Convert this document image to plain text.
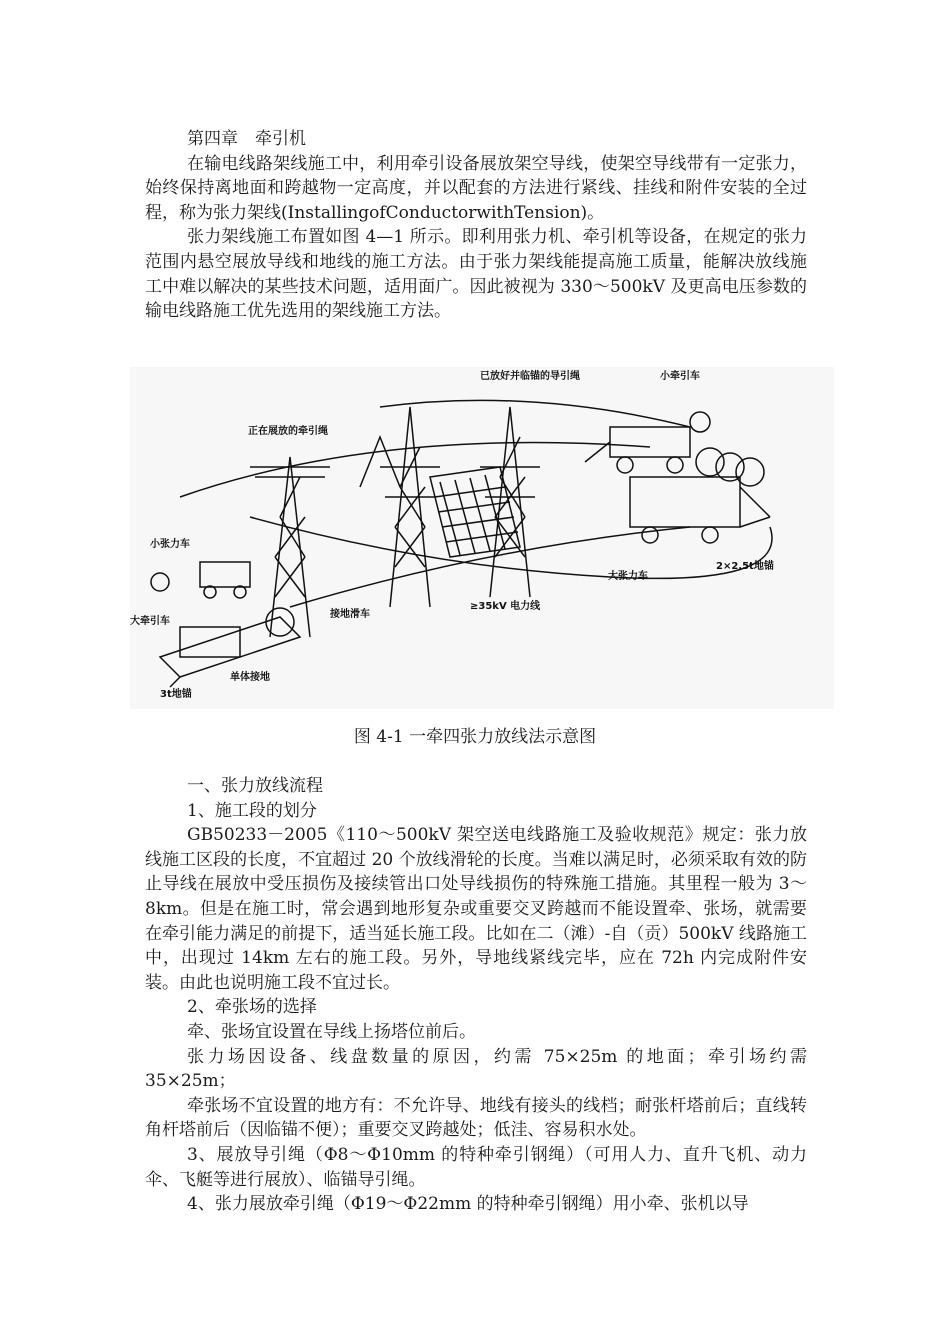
第四章　牵引机

在输电线路架线施工中，利用牵引设备展放架空导线，使架空导线带有一定张力，始终保持离地面和跨越物一定高度，并以配套的方法进行紧线、挂线和附件安装的全过程，称为张力架线(InstallingofConductorwithTension)。

张力架线施工布置如图 4—1 所示。即利用张力机、牵引机等设备，在规定的张力范围内悬空展放导线和地线的施工方法。由于张力架线能提高施工质量，能解决放线施工中难以解决的某些技术问题，适用面广。因此被视为 330～500kV 及更高电压参数的输电线路施工优先选用的架线施工方法。

已放好并临锚的导引绳	小牵引车
正在展放的牵引绳
小张力车
大牵引车
接地滑车
≥35kV 电力线
大张力车
2×2.5t地锚
单体接地
3t地锚
图 4-1 一牵四张力放线法示意图

一、张力放线流程

1、施工段的划分

GB50233－2005《110～500kV 架空送电线路施工及验收规范》规定：张力放线施工区段的长度，不宜超过 20 个放线滑轮的长度。当难以满足时，必须采取有效的防止导线在展放中受压损伤及接续管出口处导线损伤的特殊施工措施。其里程一般为 3～8km。但是在施工时，常会遇到地形复杂或重要交叉跨越而不能设置牵、张场，就需要在牵引能力满足的前提下，适当延长施工段。比如在二（滩）-自（贡）500kV 线路施工中，出现过 14km 左右的施工段。另外，导地线紧线完毕，应在 72h 内完成附件安装。由此也说明施工段不宜过长。

2、牵张场的选择

牵、张场宜设置在导线上扬塔位前后。

张力场因设备、线盘数量的原因，约需 75×25m 的地面；牵引场约需 35×25m；

牵张场不宜设置的地方有：不允许导、地线有接头的线档；耐张杆塔前后；直线转角杆塔前后（因临锚不便）；重要交叉跨越处；低洼、容易积水处。

3、展放导引绳（Φ8～Φ10mm 的特种牵引钢绳）（可用人力、直升飞机、动力伞、飞艇等进行展放）、临锚导引绳。

4、张力展放牵引绳（Φ19～Φ22mm 的特种牵引钢绳）用小牵、张机以导
